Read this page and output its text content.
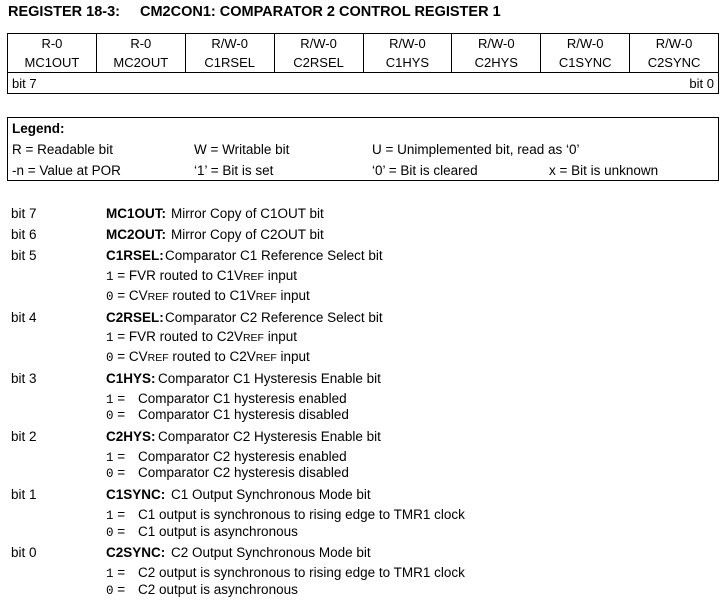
REGISTER 18-3: CM2CON1: COMPARATOR 2 CONTROL REGISTER 1
R-0	R-0	R/W-0	R/W-0	R/W-0	R/W-0	R/W-0	R/W-0
MC1OUT	MC2OUT	C1RSEL	C2RSEL	C1HYS	C2HYS	C1SYNC	C2SYNC

bit 7 bit 0							
Legend:
R = Readable bit	W = Writable bit	U = Unimplemented bit, read as ‘0’
-n = Value at POR	‘1’ = Bit is set	‘0’ = Bit is cleared	x = Bit is unknown
bit 7	MC1OUT: Mirror Copy of C1OUT bit
bit 6	MC2OUT: Mirror Copy of C2OUT bit
bit 5	C1RSEL: Comparator C1 Reference Select bit
1 = FVR routed to C1VREF input
0 = CVREF routed to C1VREF input
bit 4	C2RSEL: Comparator C2 Reference Select bit
1 = FVR routed to C2VREF input
0 = CVREF routed to C2VREF input
bit 3	C1HYS: Comparator C1 Hysteresis Enable bit
1 = Comparator C1 hysteresis enabled
0 = Comparator C1 hysteresis disabled
bit 2	C2HYS: Comparator C2 Hysteresis Enable bit
1 = Comparator C2 hysteresis enabled
0 = Comparator C2 hysteresis disabled
bit 1	C1SYNC: C1 Output Synchronous Mode bit
1 = C1 output is synchronous to rising edge to TMR1 clock
0 = C1 output is asynchronous
bit 0	C2SYNC: C2 Output Synchronous Mode bit
1 = C2 output is synchronous to rising edge to TMR1 clock
0 = C2 output is asynchronous
